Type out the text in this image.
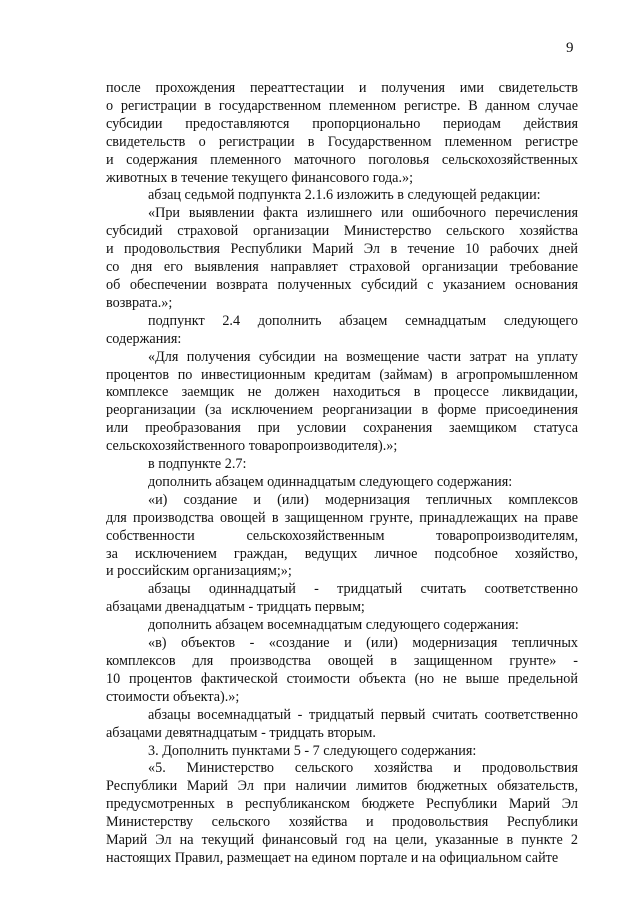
9

после прохождения переаттестации и получения ими свидетельств

о регистрации в государственном племенном регистре. В данном случае

субсидии предоставляются пропорционально периодам действия

свидетельств о регистрации в Государственном племенном регистре

и содержания племенного маточного поголовья сельскохозяйственных

животных в течение текущего финансового года.»;

абзац седьмой подпункта 2.1.6 изложить в следующей редакции:

«При выявлении факта излишнего или ошибочного перечисления

субсидий страховой организации Министерство сельского хозяйства

и продовольствия Республики Марий Эл в течение 10 рабочих дней

со дня его выявления направляет страховой организации требование

об обеспечении возврата полученных субсидий с указанием основания

возврата.»;

подпункт 2.4 дополнить абзацем семнадцатым следующего

содержания:

«Для получения субсидии на возмещение части затрат на уплату

процентов по инвестиционным кредитам (займам) в агропромышленном

комплексе заемщик не должен находиться в процессе ликвидации,

реорганизации (за исключением реорганизации в форме присоединения

или преобразования при условии сохранения заемщиком статуса

сельскохозяйственного товаропроизводителя).»;

в подпункте 2.7:

дополнить абзацем одиннадцатым следующего содержания:

«и) создание и (или) модернизация тепличных комплексов

для производства овощей в защищенном грунте, принадлежащих на праве

собственности сельскохозяйственным товаропроизводителям,

за исключением граждан, ведущих личное подсобное хозяйство,

и российским организациям;»;

абзацы одиннадцатый - тридцатый считать соответственно

абзацами двенадцатым - тридцать первым;

дополнить абзацем восемнадцатым следующего содержания:

«в) объектов - «создание и (или) модернизация тепличных

комплексов для производства овощей в защищенном грунте» -

10 процентов фактической стоимости объекта (но не выше предельной

стоимости объекта).»;

абзацы восемнадцатый - тридцатый первый считать соответственно

абзацами девятнадцатым - тридцать вторым.

3. Дополнить пунктами 5 - 7 следующего содержания:

«5. Министерство сельского хозяйства и продовольствия

Республики Марий Эл при наличии лимитов бюджетных обязательств,

предусмотренных в республиканском бюджете Республики Марий Эл

Министерству сельского хозяйства и продовольствия Республики

Марий Эл на текущий финансовый год на цели, указанные в пункте 2

настоящих Правил, размещает на едином портале и на официальном сайте
